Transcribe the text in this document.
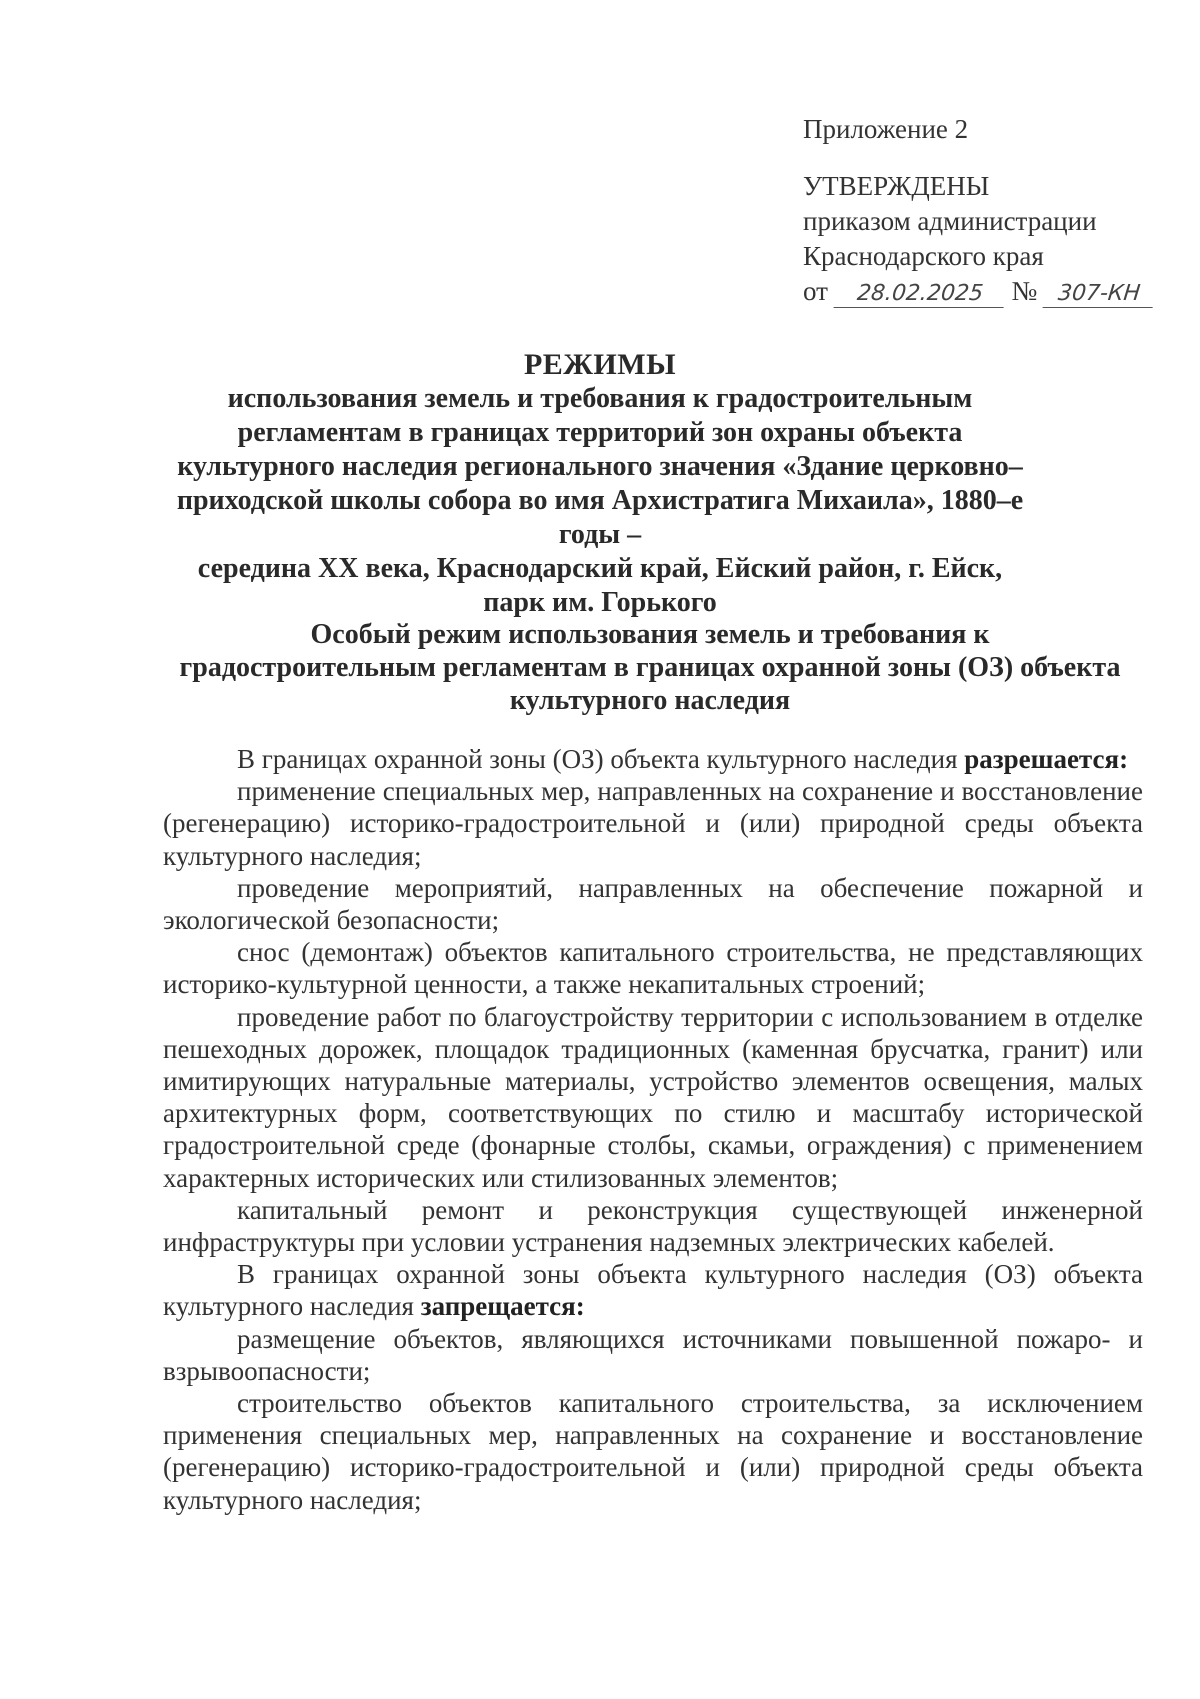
Приложение 2
УТВЕРЖДЕНЫ
приказом администрации
Краснодарского края
от 28.02.2025 № 307-КН
РЕЖИМЫ
использования земель и требования к градостроительным
регламентам в границах территорий зон охраны объекта
культурного наследия регионального значения «Здание церковно–
приходской школы собора во имя Архистратига Михаила», 1880–е годы –
середина XX века, Краснодарский край, Ейский район, г. Ейск,
парк им. Горького
Особый режим использования земель и требования к
градостроительным регламентам в границах охранной зоны (ОЗ) объекта
культурного наследия

В границах охранной зоны (ОЗ) объекта культурного наследия разрешается:

применение специальных мер, направленных на сохранение и восстановление (регенерацию) историко-градостроительной и (или) природной среды объекта культурного наследия;

проведение мероприятий, направленных на обеспечение пожарной и экологической безопасности;

снос (демонтаж) объектов капитального строительства, не представляющих историко-культурной ценности, а также некапитальных строений;

проведение работ по благоустройству территории с использованием в отделке пешеходных дорожек, площадок традиционных (каменная брусчатка, гранит) или имитирующих натуральные материалы, устройство элементов освещения, малых архитектурных форм, соответствующих по стилю и масштабу исторической градостроительной среде (фонарные столбы, скамьи, ограждения) с применением характерных исторических или стилизованных элементов;

капитальный ремонт и реконструкция существующей инженерной инфраструктуры при условии устранения надземных электрических кабелей.

В границах охранной зоны объекта культурного наследия (ОЗ) объекта культурного наследия запрещается:

размещение объектов, являющихся источниками повышенной пожаро- и взрывоопасности;

строительство объектов капитального строительства, за исключением применения специальных мер, направленных на сохранение и восстановление (регенерацию) историко-градостроительной и (или) природной среды объекта культурного наследия;
